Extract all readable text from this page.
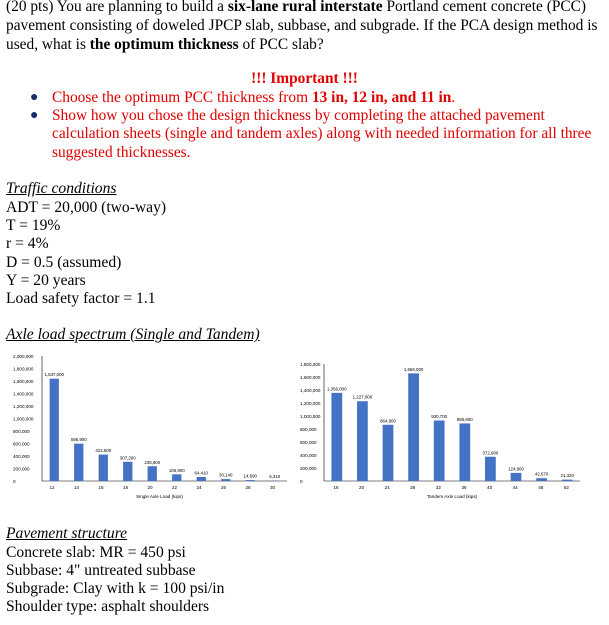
(20 pts) You are planning to build a six-lane rural interstate Portland cement concrete (PCC) pavement consisting of doweled JPCP slab, subbase, and subgrade. If the PCA design method is used, what is the optimum thickness of PCC slab?
!!! Important !!!
● Choose the optimum PCC thickness from 13 in, 12 in, and 11 in.
● Show how you chose the design thickness by completing the attached pavement calculation sheets (single and tandem axles) along with needed information for all three suggested thicknesses.
Traffic conditions
ADT = 20,000 (two-way)
T = 19%
r = 4%
D = 0.5 (assumed)
Y = 20 years
Load safety factor = 1.1
Axle load spectrum (Single and Tandem)
2,000,000
1,800,000
1,600,000
1,400,000
1,200,000
1,000,000
800,000
600,000
400,000
200,000
0
1,637,000
596,900
422,500
307,200
235,800
106,900
64,410	30,140	14,690	6,310
12	14	16	18	20	22	24	26	28	30
Single Axle Load (kips)
1,800,000
1,600,000
1,400,000
1,200,000
1,000,000
800,000
600,000
400,000
200,000
0
1,356,000
1,227,000
864,900
1,656,000
930,700
885,800
372,900
124,900
42,670	21,320
16	20	24	28	32	36	40	44	48	52
Tandem Axle Load (kips)
Pavement structure
Concrete slab: MR = 450 psi
Subbase: 4" untreated subbase
Subgrade: Clay with k = 100 psi/in
Shoulder type: asphalt shoulders
